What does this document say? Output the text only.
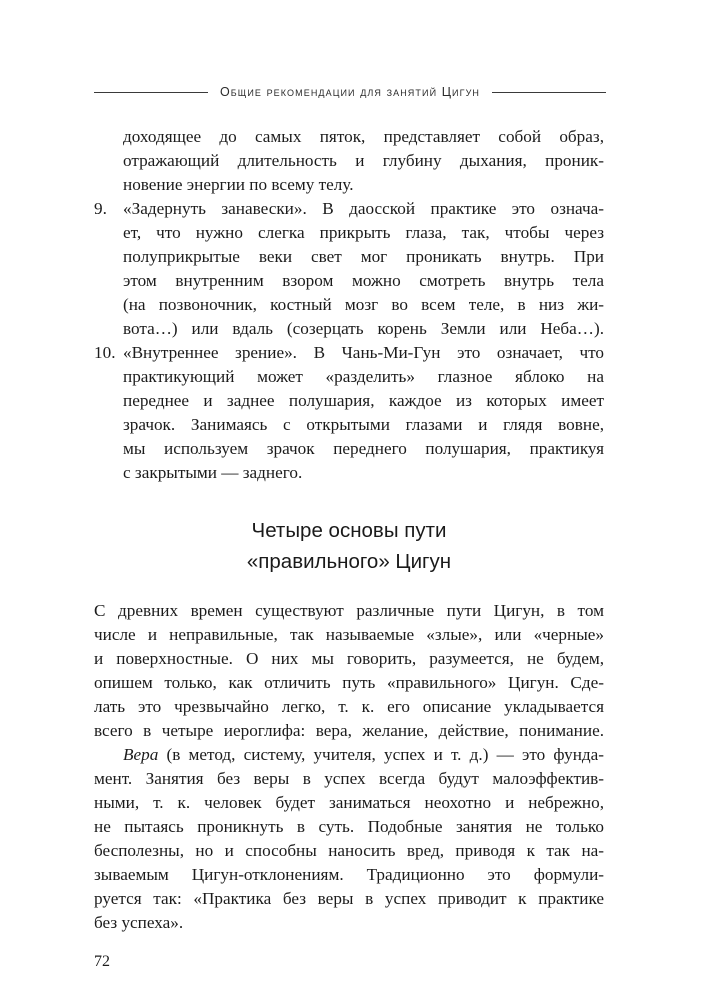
Общие рекомендации для занятий Цигун
доходящее до самых пяток, представляет собой образ,
отражающий длительность и глубину дыхания, проник-
новение энергии по всему телу.
9. «Задернуть занавески». В даосской практике это означа-
ет, что нужно слегка прикрыть глаза, так, чтобы через
полуприкрытые веки свет мог проникать внутрь. При
этом внутренним взором можно смотреть внутрь тела
(на позвоночник, костный мозг во всем теле, в низ жи-
вота…) или вдаль (созерцать корень Земли или Неба…).
10. «Внутреннее зрение». В Чань-Ми-Гун это означает, что
практикующий может «разделить» глазное яблоко на
переднее и заднее полушария, каждое из которых имеет
зрачок. Занимаясь с открытыми глазами и глядя вовне,
мы используем зрачок переднего полушария, практикуя
с закрытыми — заднего.
Четыре основы пути
«правильного» Цигун
С древних времен существуют различные пути Цигун, в том
числе и неправильные, так называемые «злые», или «черные»
и поверхностные. О них мы говорить, разумеется, не будем,
опишем только, как отличить путь «правильного» Цигун. Сде-
лать это чрезвычайно легко, т. к. его описание укладывается
всего в четыре иероглифа: вера, желание, действие, понимание.
Вера (в метод, систему, учителя, успех и т. д.) — это фунда-
мент. Занятия без веры в успех всегда будут малоэффектив-
ными, т. к. человек будет заниматься неохотно и небрежно,
не пытаясь проникнуть в суть. Подобные занятия не только
бесполезны, но и способны наносить вред, приводя к так на-
зываемым Цигун-отклонениям. Традиционно это формули-
руется так: «Практика без веры в успех приводит к практике
без успеха».
72
